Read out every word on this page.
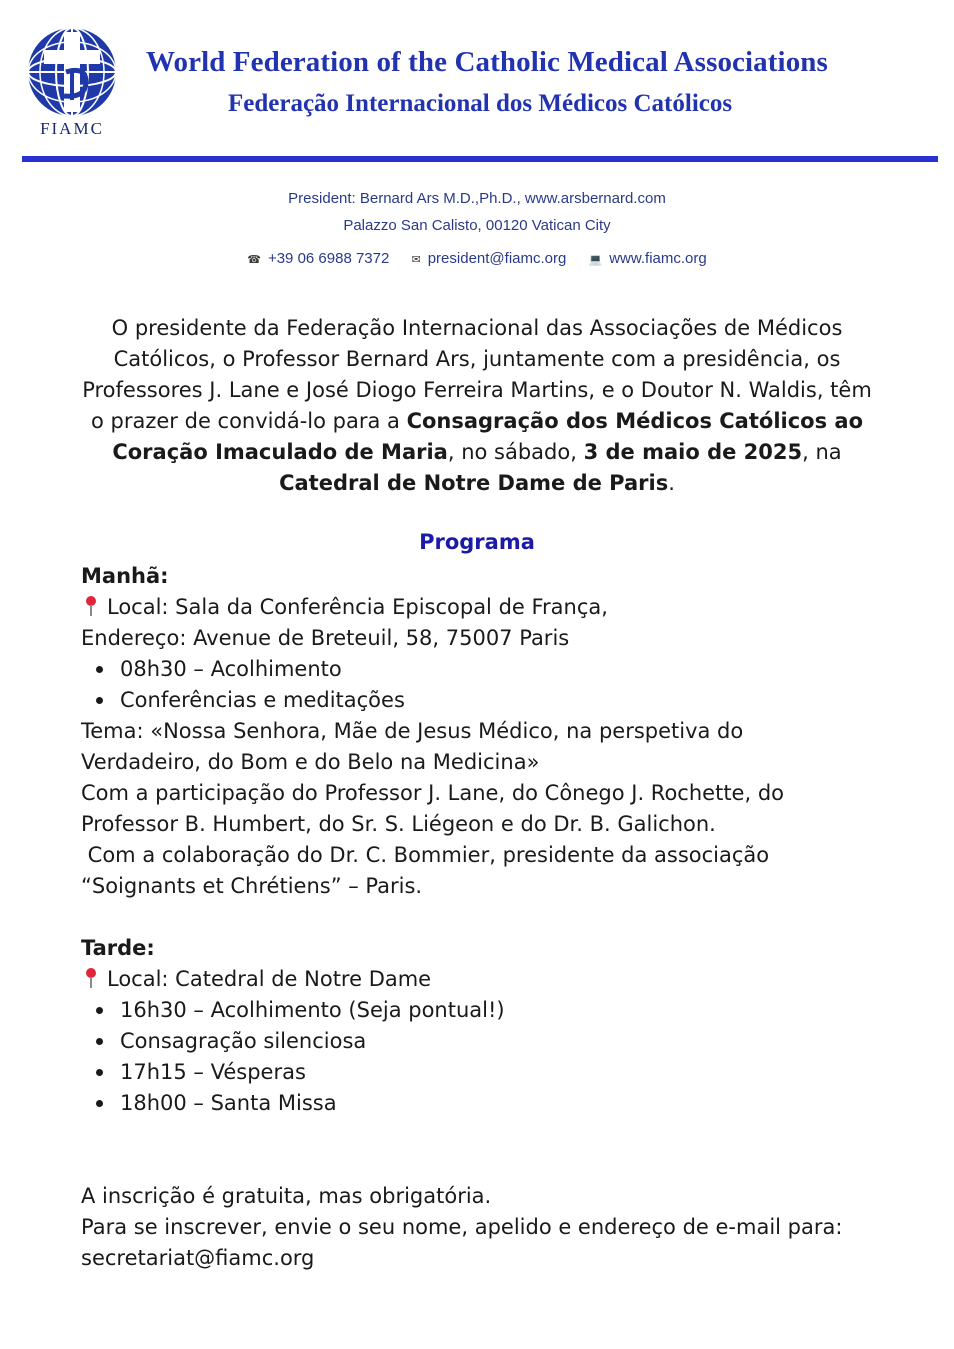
FIAMC
World Federation of the Catholic Medical Associations
Federação Internacional dos Médicos Católicos
President: Bernard Ars M.D.,Ph.D., www.arsbernard.com
Palazzo San Calisto, 00120 Vatican City
☎ +39 06 6988 7372 ✉ president@fiamc.org 💻 www.fiamc.org
O presidente da Federação Internacional das Associações de Médicos Católicos, o Professor Bernard Ars, juntamente com a presidência, os Professores J. Lane e José Diogo Ferreira Martins, e o Doutor N. Waldis, têm o prazer de convidá-lo para a Consagração dos Médicos Católicos ao Coração Imaculado de Maria, no sábado, 3 de maio de 2025, na Catedral de Notre Dame de Paris.
Programa
Manhã:
Local: Sala da Conferência Episcopal de França,
Endereço: Avenue de Breteuil, 58, 75007 Paris
08h30 – Acolhimento
Conferências e meditações
Tema: «Nossa Senhora, Mãe de Jesus Médico, na perspetiva do
Verdadeiro, do Bom e do Belo na Medicina»
Com a participação do Professor J. Lane, do Cônego J. Rochette, do
Professor B. Humbert, do Sr. S. Liégeon e do Dr. B. Galichon.
Com a colaboração do Dr. C. Bommier, presidente da associação
“Soignants et Chrétiens” – Paris.
Tarde:
Local: Catedral de Notre Dame
16h30 – Acolhimento (Seja pontual!)
Consagração silenciosa
17h15 – Vésperas
18h00 – Santa Missa
A inscrição é gratuita, mas obrigatória.
Para se inscrever, envie o seu nome, apelido e endereço de e-mail para:
secretariat@fiamc.org
